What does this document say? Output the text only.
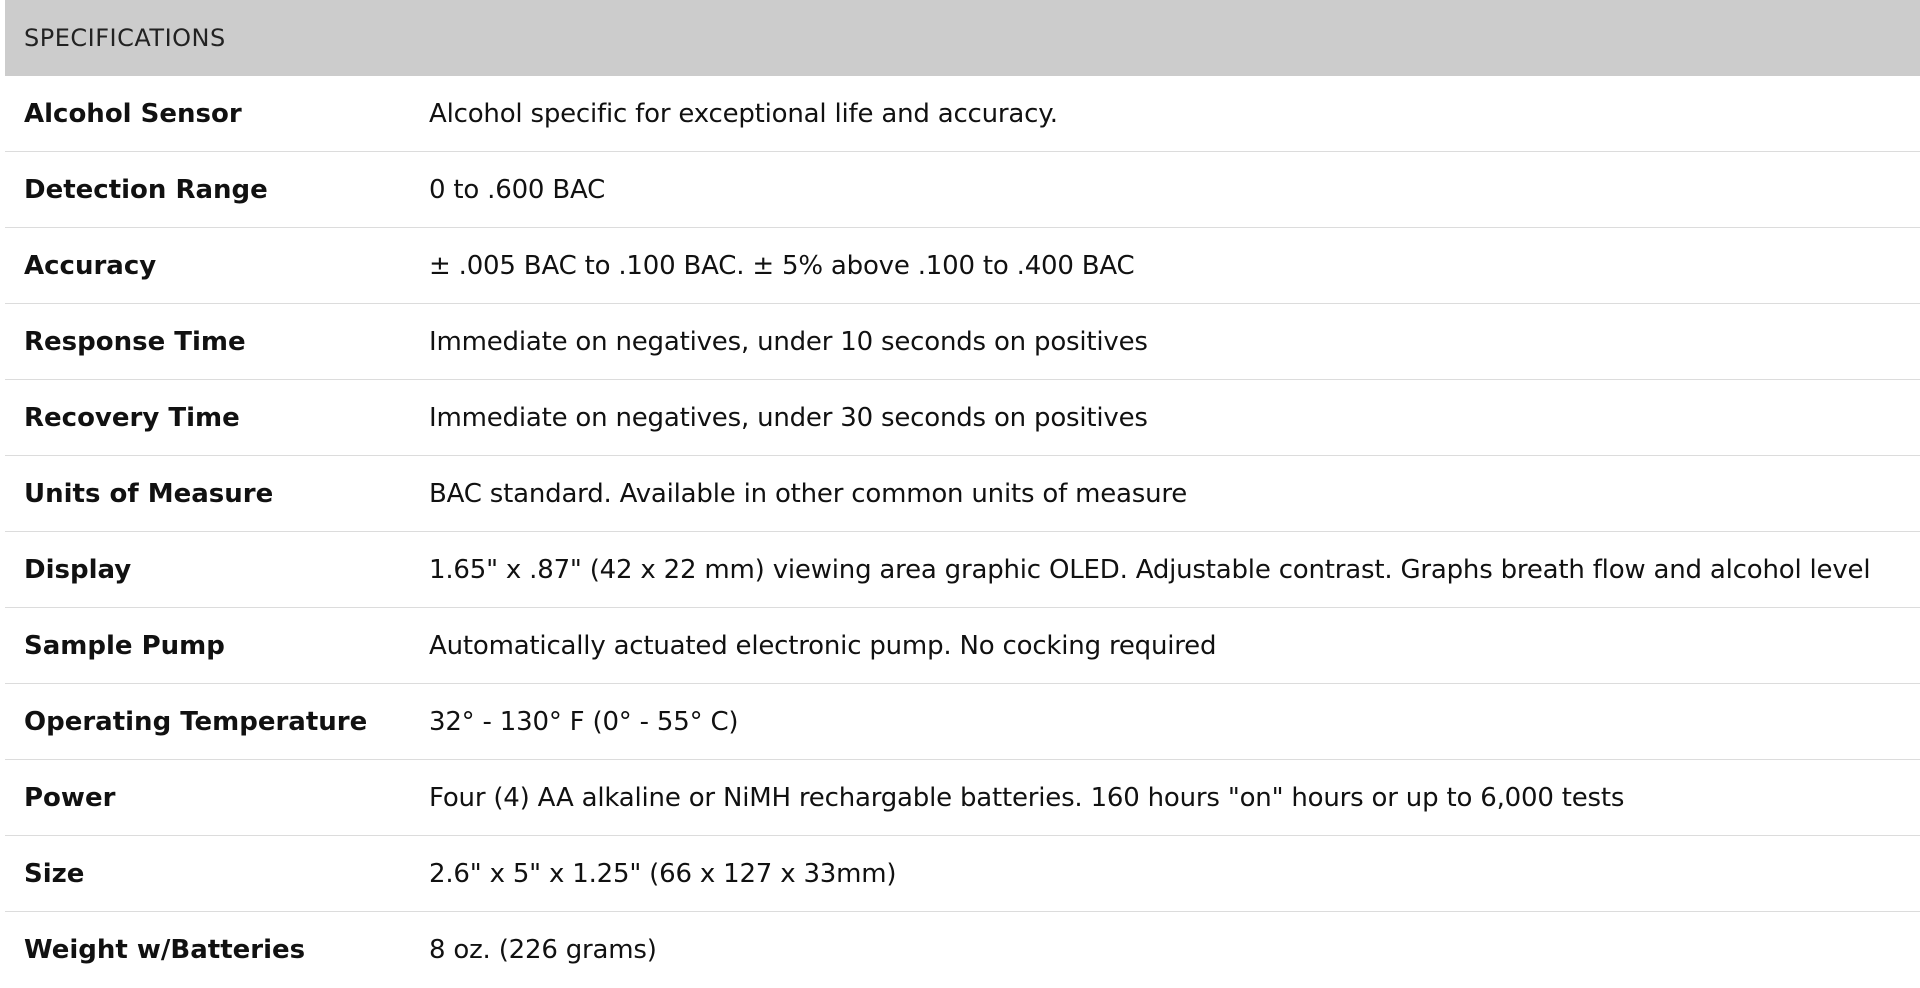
SPECIFICATIONS
Alcohol Sensor	Alcohol specific for exceptional life and accuracy.
Detection Range	0 to .600 BAC
Accuracy	± .005 BAC to .100 BAC. ± 5% above .100 to .400 BAC
Response Time	Immediate on negatives, under 10 seconds on positives
Recovery Time	Immediate on negatives, under 30 seconds on positives
Units of Measure	BAC standard. Available in other common units of measure
Display	1.65" x .87" (42 x 22 mm) viewing area graphic OLED. Adjustable contrast. Graphs breath flow and alcohol level
Sample Pump	Automatically actuated electronic pump. No cocking required
Operating Temperature	32° - 130° F (0° - 55° C)
Power	Four (4) AA alkaline or NiMH rechargable batteries. 160 hours "on" hours or up to 6,000 tests
Size	2.6" x 5" x 1.25" (66 x 127 x 33mm)
Weight w/Batteries	8 oz. (226 grams)
